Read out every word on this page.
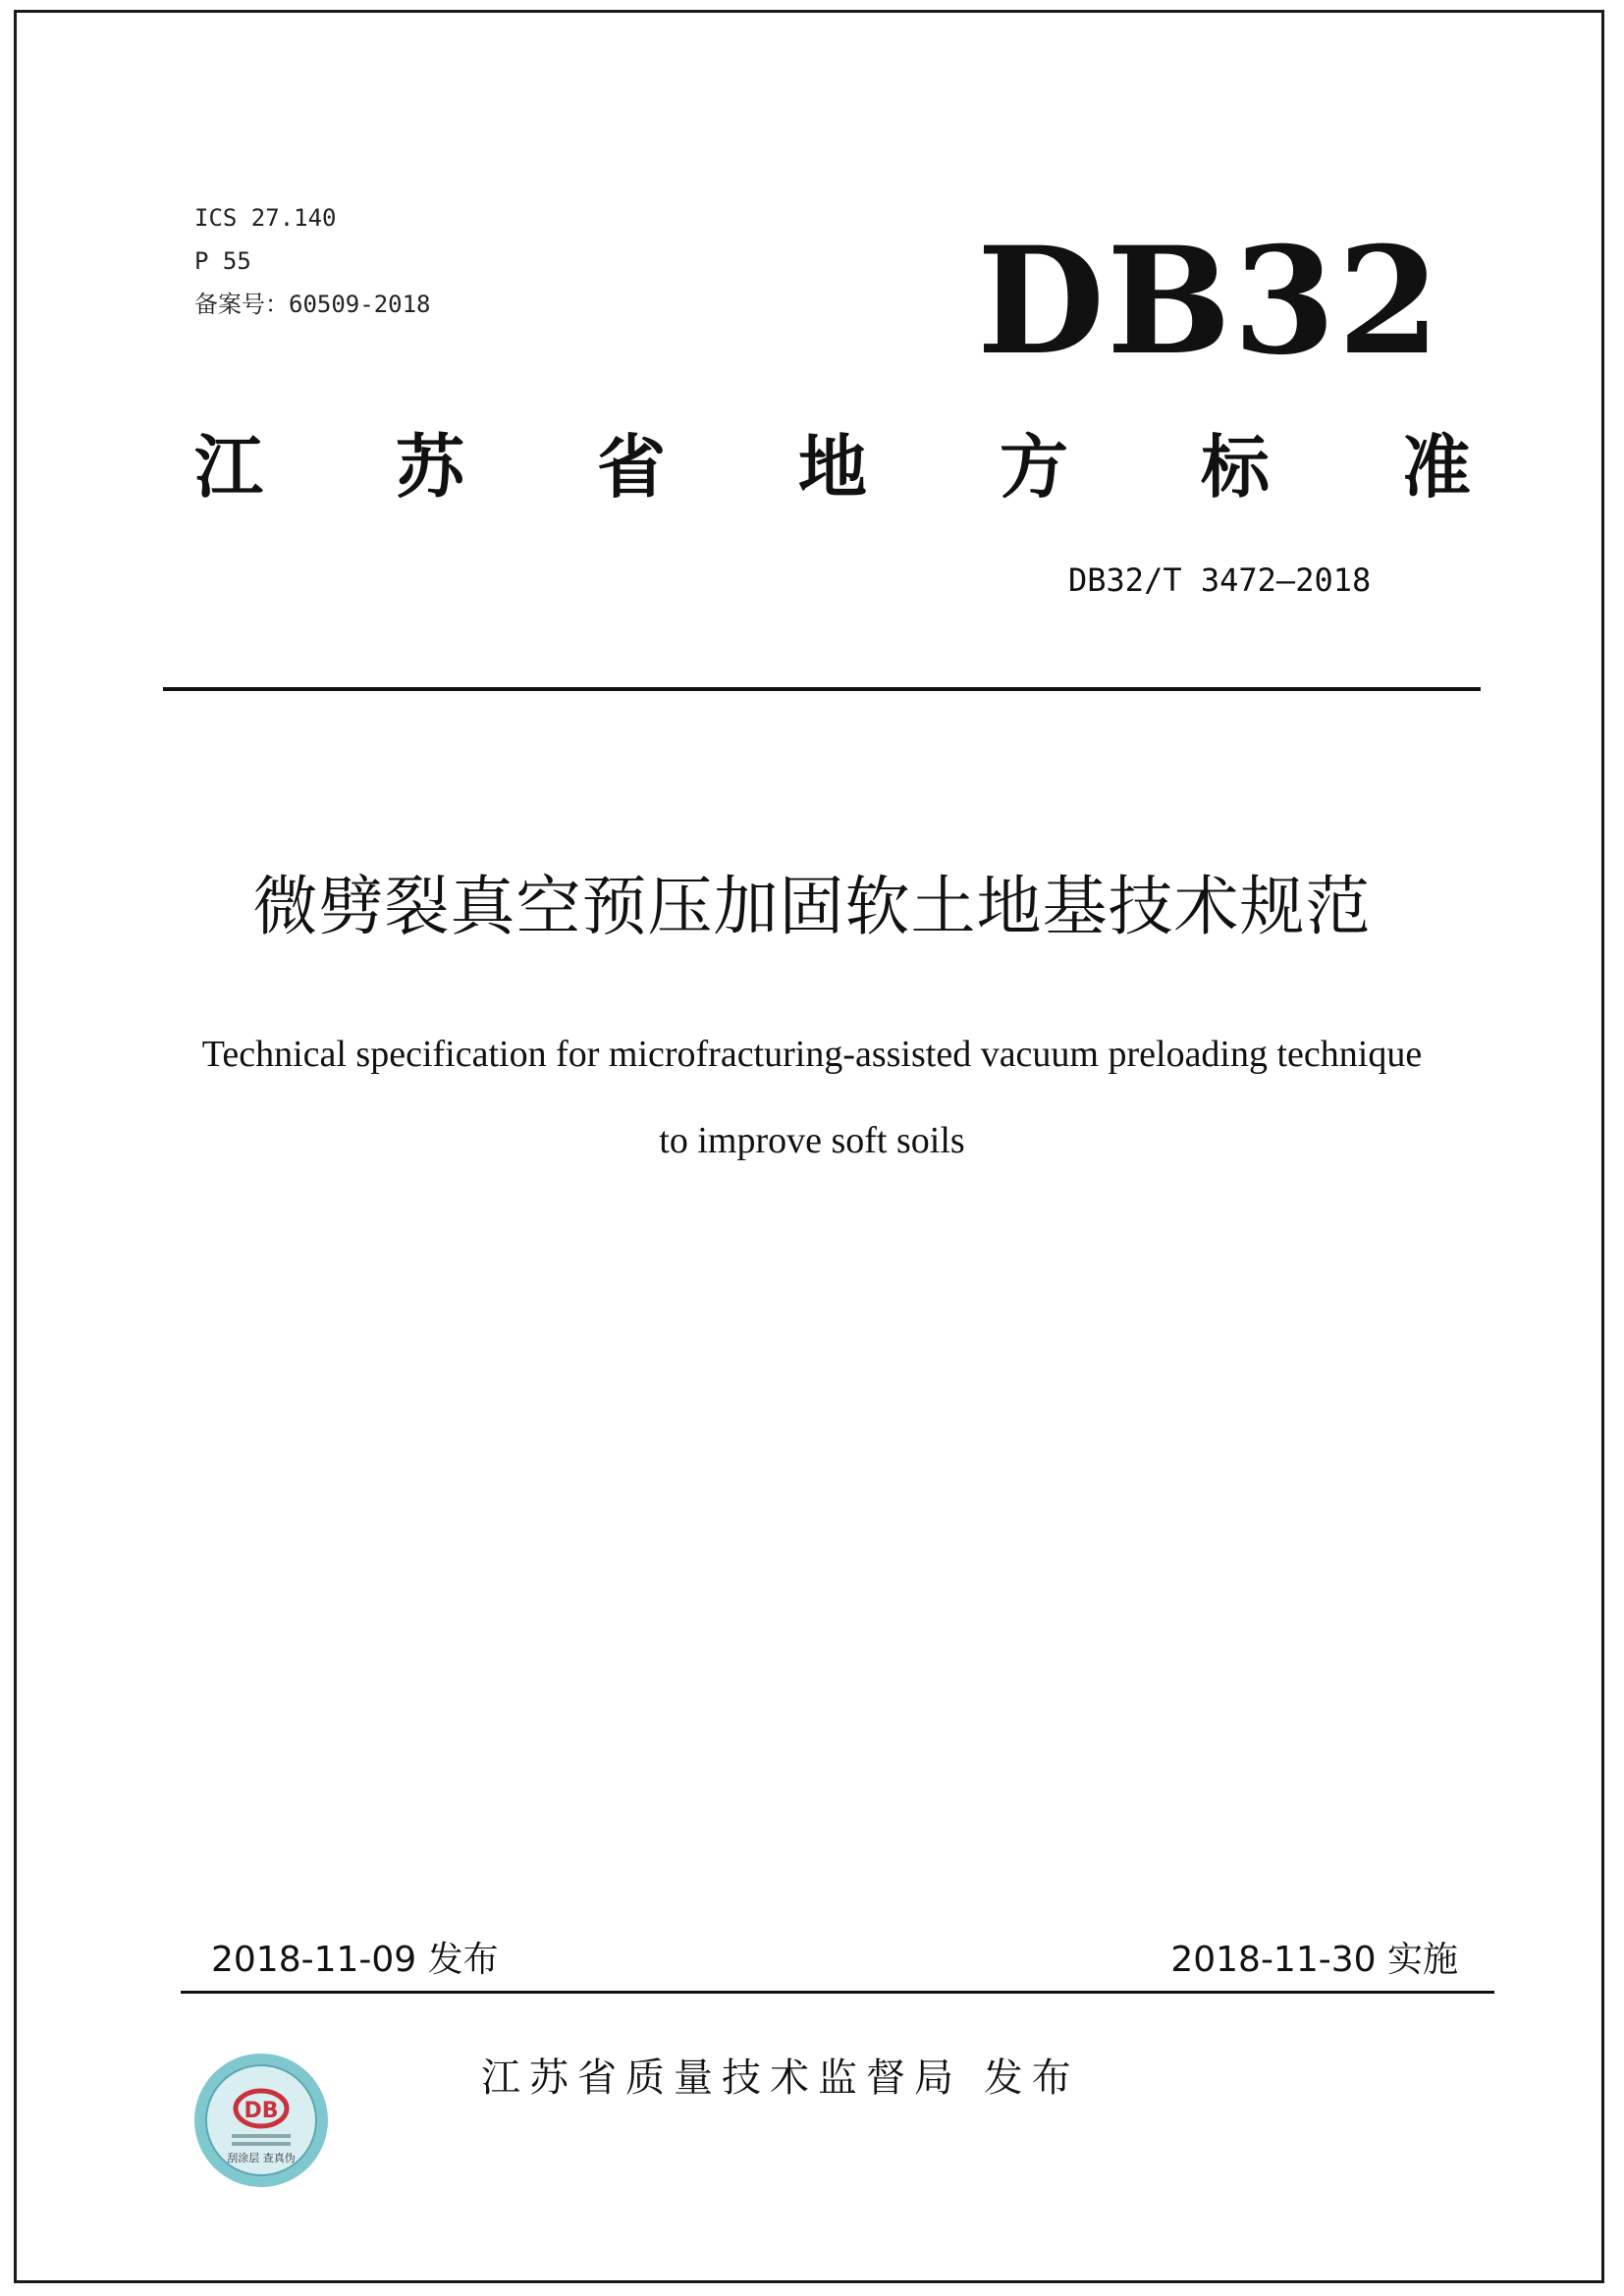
ICS 27.140
P 55
备案号：60509-2018	DB32
江 苏 省 地 方 标 准
DB32/T 3472—2018
微劈裂真空预压加固软土地基技术规范
Technical specification for microfracturing-assisted vacuum preloading technique
to improve soft soils
2018-11-09 发布	2018-11-30 实施
DB
刮涂层 查真伪
江苏省质量技术监督局 发布
